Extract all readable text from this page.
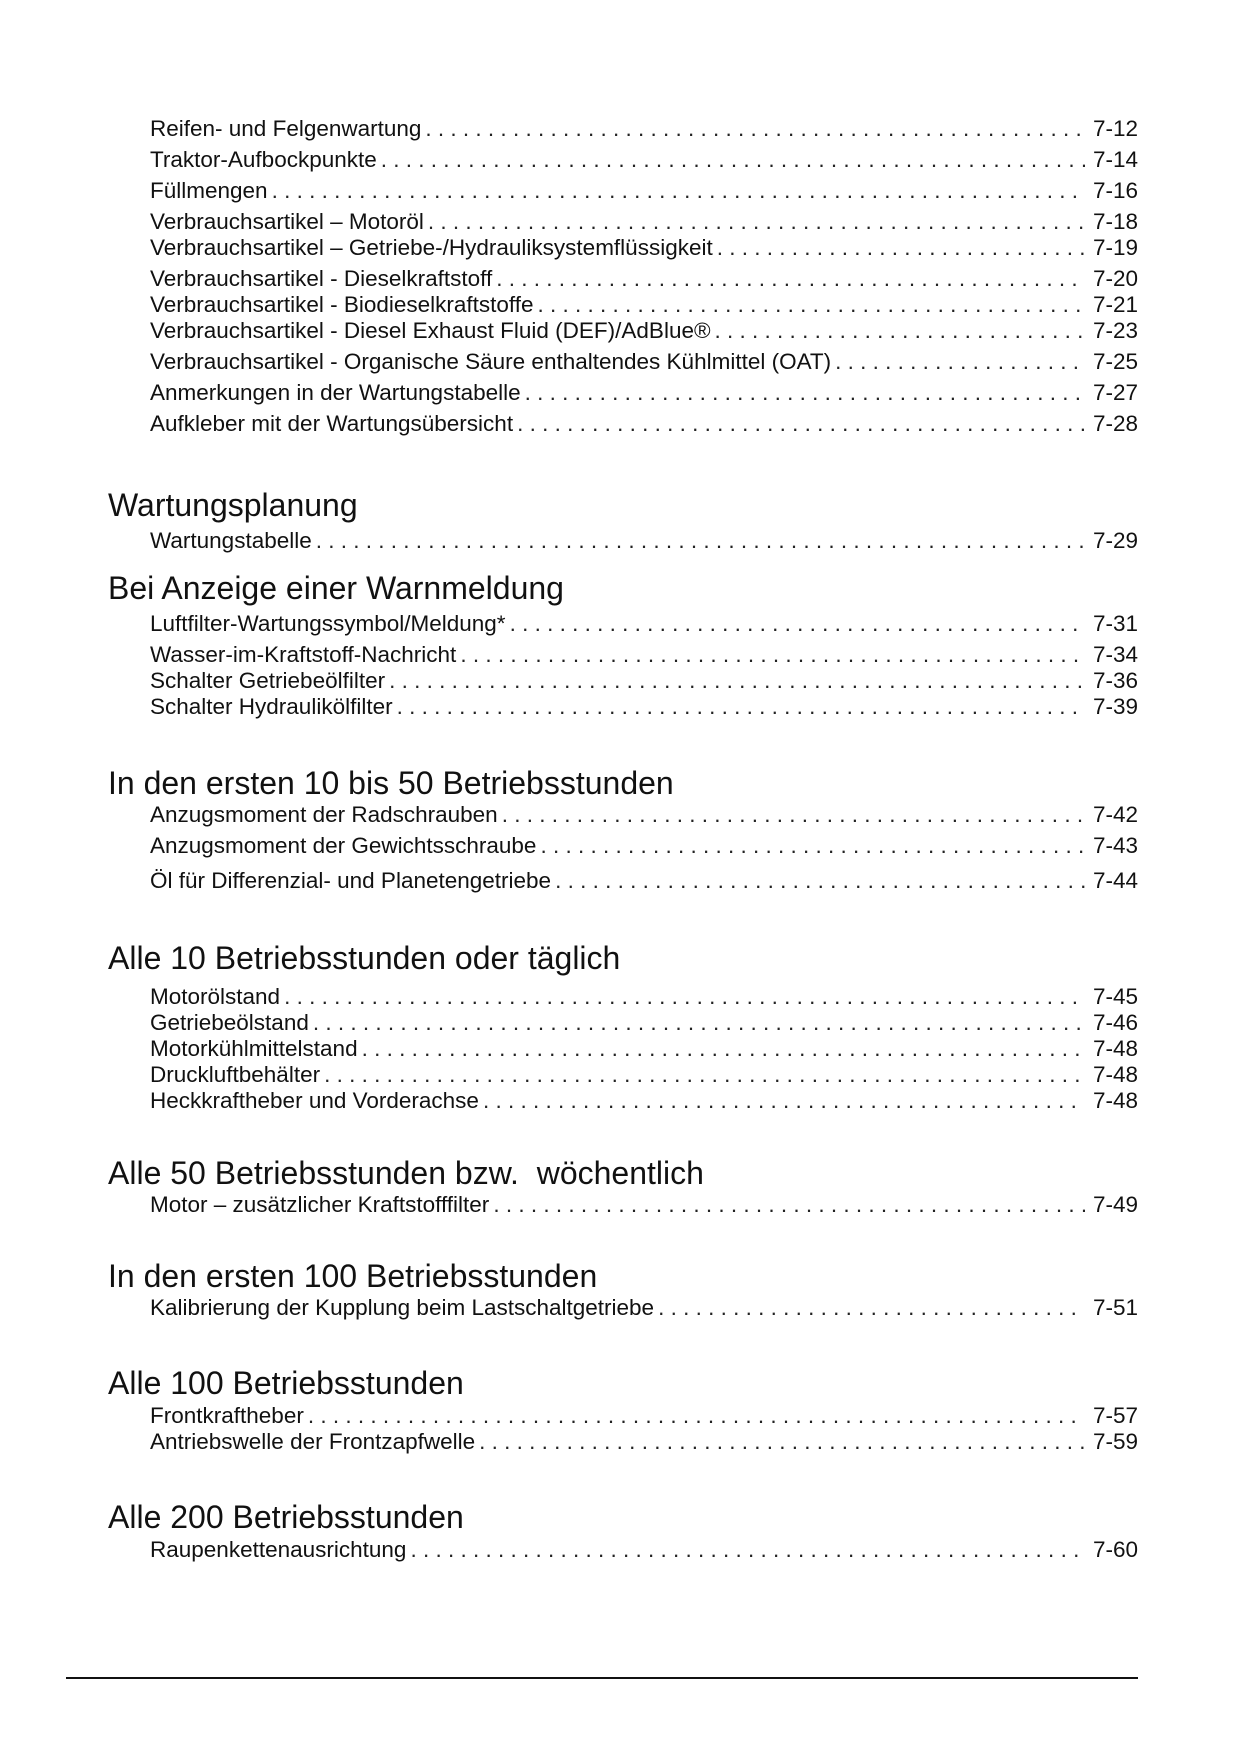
Reifen- und Felgenwartung . . .	7-12
Traktor-Aufbockpunkte . . .	7-14
Füllmengen . . .	7-16
Verbrauchsartikel – Motoröl . . .	7-18
Verbrauchsartikel – Getriebe-/Hydrauliksystemflüssigkeit . . .	7-19
Verbrauchsartikel - Dieselkraftstoff . . .	7-20
Verbrauchsartikel - Biodieselkraftstoffe . . .	7-21
Verbrauchsartikel - Diesel Exhaust Fluid (DEF)/AdBlue® . . .	7-23
Verbrauchsartikel - Organische Säure enthaltendes Kühlmittel (OAT) . . .	7-25
Anmerkungen in der Wartungstabelle . . .	7-27
Aufkleber mit der Wartungsübersicht . . .	7-28
Wartungsplanung
Wartungstabelle . . .	7-29
Bei Anzeige einer Warnmeldung
Luftfilter-Wartungssymbol/Meldung* . . .	7-31
Wasser-im-Kraftstoff-Nachricht . . .	7-34
Schalter Getriebeölfilter . . .	7-36
Schalter Hydraulikölfilter . . .	7-39
In den ersten 10 bis 50 Betriebsstunden
Anzugsmoment der Radschrauben . . .	7-42
Anzugsmoment der Gewichtsschraube . . .	7-43
Öl für Differenzial- und Planetengetriebe . . .	7-44
Alle 10 Betriebsstunden oder täglich
Motorölstand . . .	7-45
Getriebeölstand . . .	7-46
Motorkühlmittelstand . . .	7-48
Druckluftbehälter . . .	7-48
Heckkraftheber und Vorderachse . . .	7-48
Alle 50 Betriebsstunden bzw.  wöchentlich
Motor – zusätzlicher Kraftstofffilter . . .	7-49
In den ersten 100 Betriebsstunden
Kalibrierung der Kupplung beim Lastschaltgetriebe . . .	7-51
Alle 100 Betriebsstunden
Frontkraftheber . . .	7-57
Antriebswelle der Frontzapfwelle . . .	7-59
Alle 200 Betriebsstunden
Raupenkettenausrichtung . . .	7-60
